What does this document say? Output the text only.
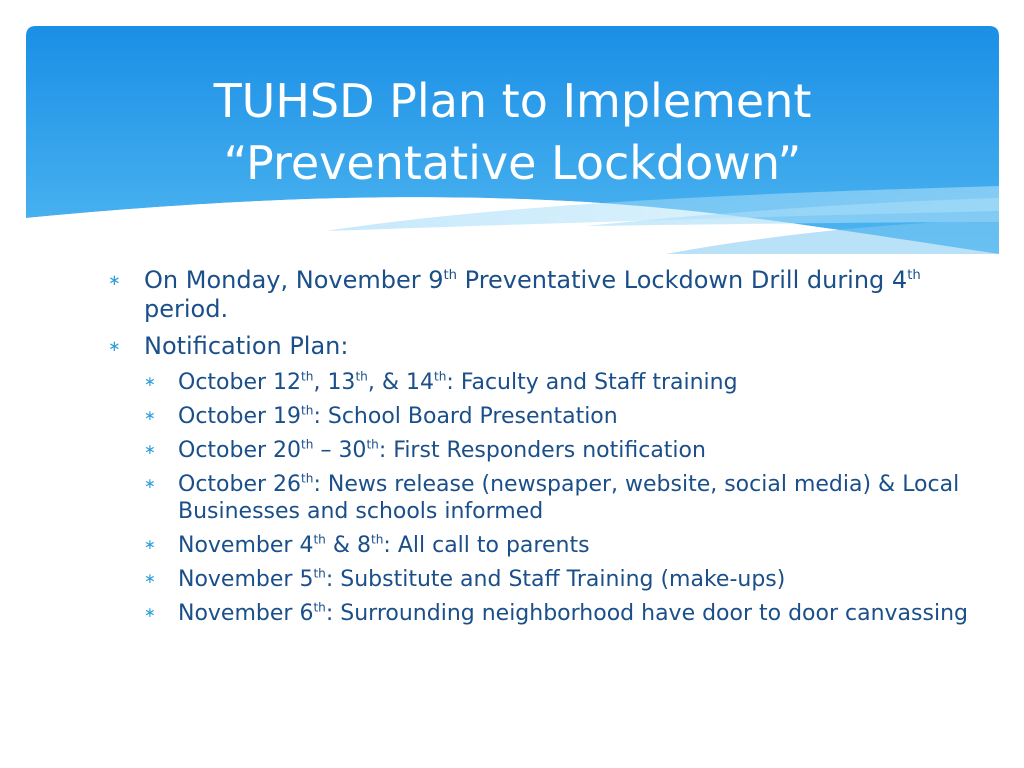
TUHSD Plan to Implement
“Preventative Lockdown”
∗ On Monday, November 9th Preventative Lockdown Drill during 4th period.
∗ Notification Plan:
∗ October 12th, 13th, & 14th: Faculty and Staff training
∗ October 19th: School Board Presentation
∗ October 20th – 30th: First Responders notification
∗ October 26th: News release (newspaper, website, social media) & Local Businesses and schools informed
∗ November 4th & 8th: All call to parents
∗ November 5th: Substitute and Staff Training (make-ups)
∗ November 6th: Surrounding neighborhood have door to door canvassing
